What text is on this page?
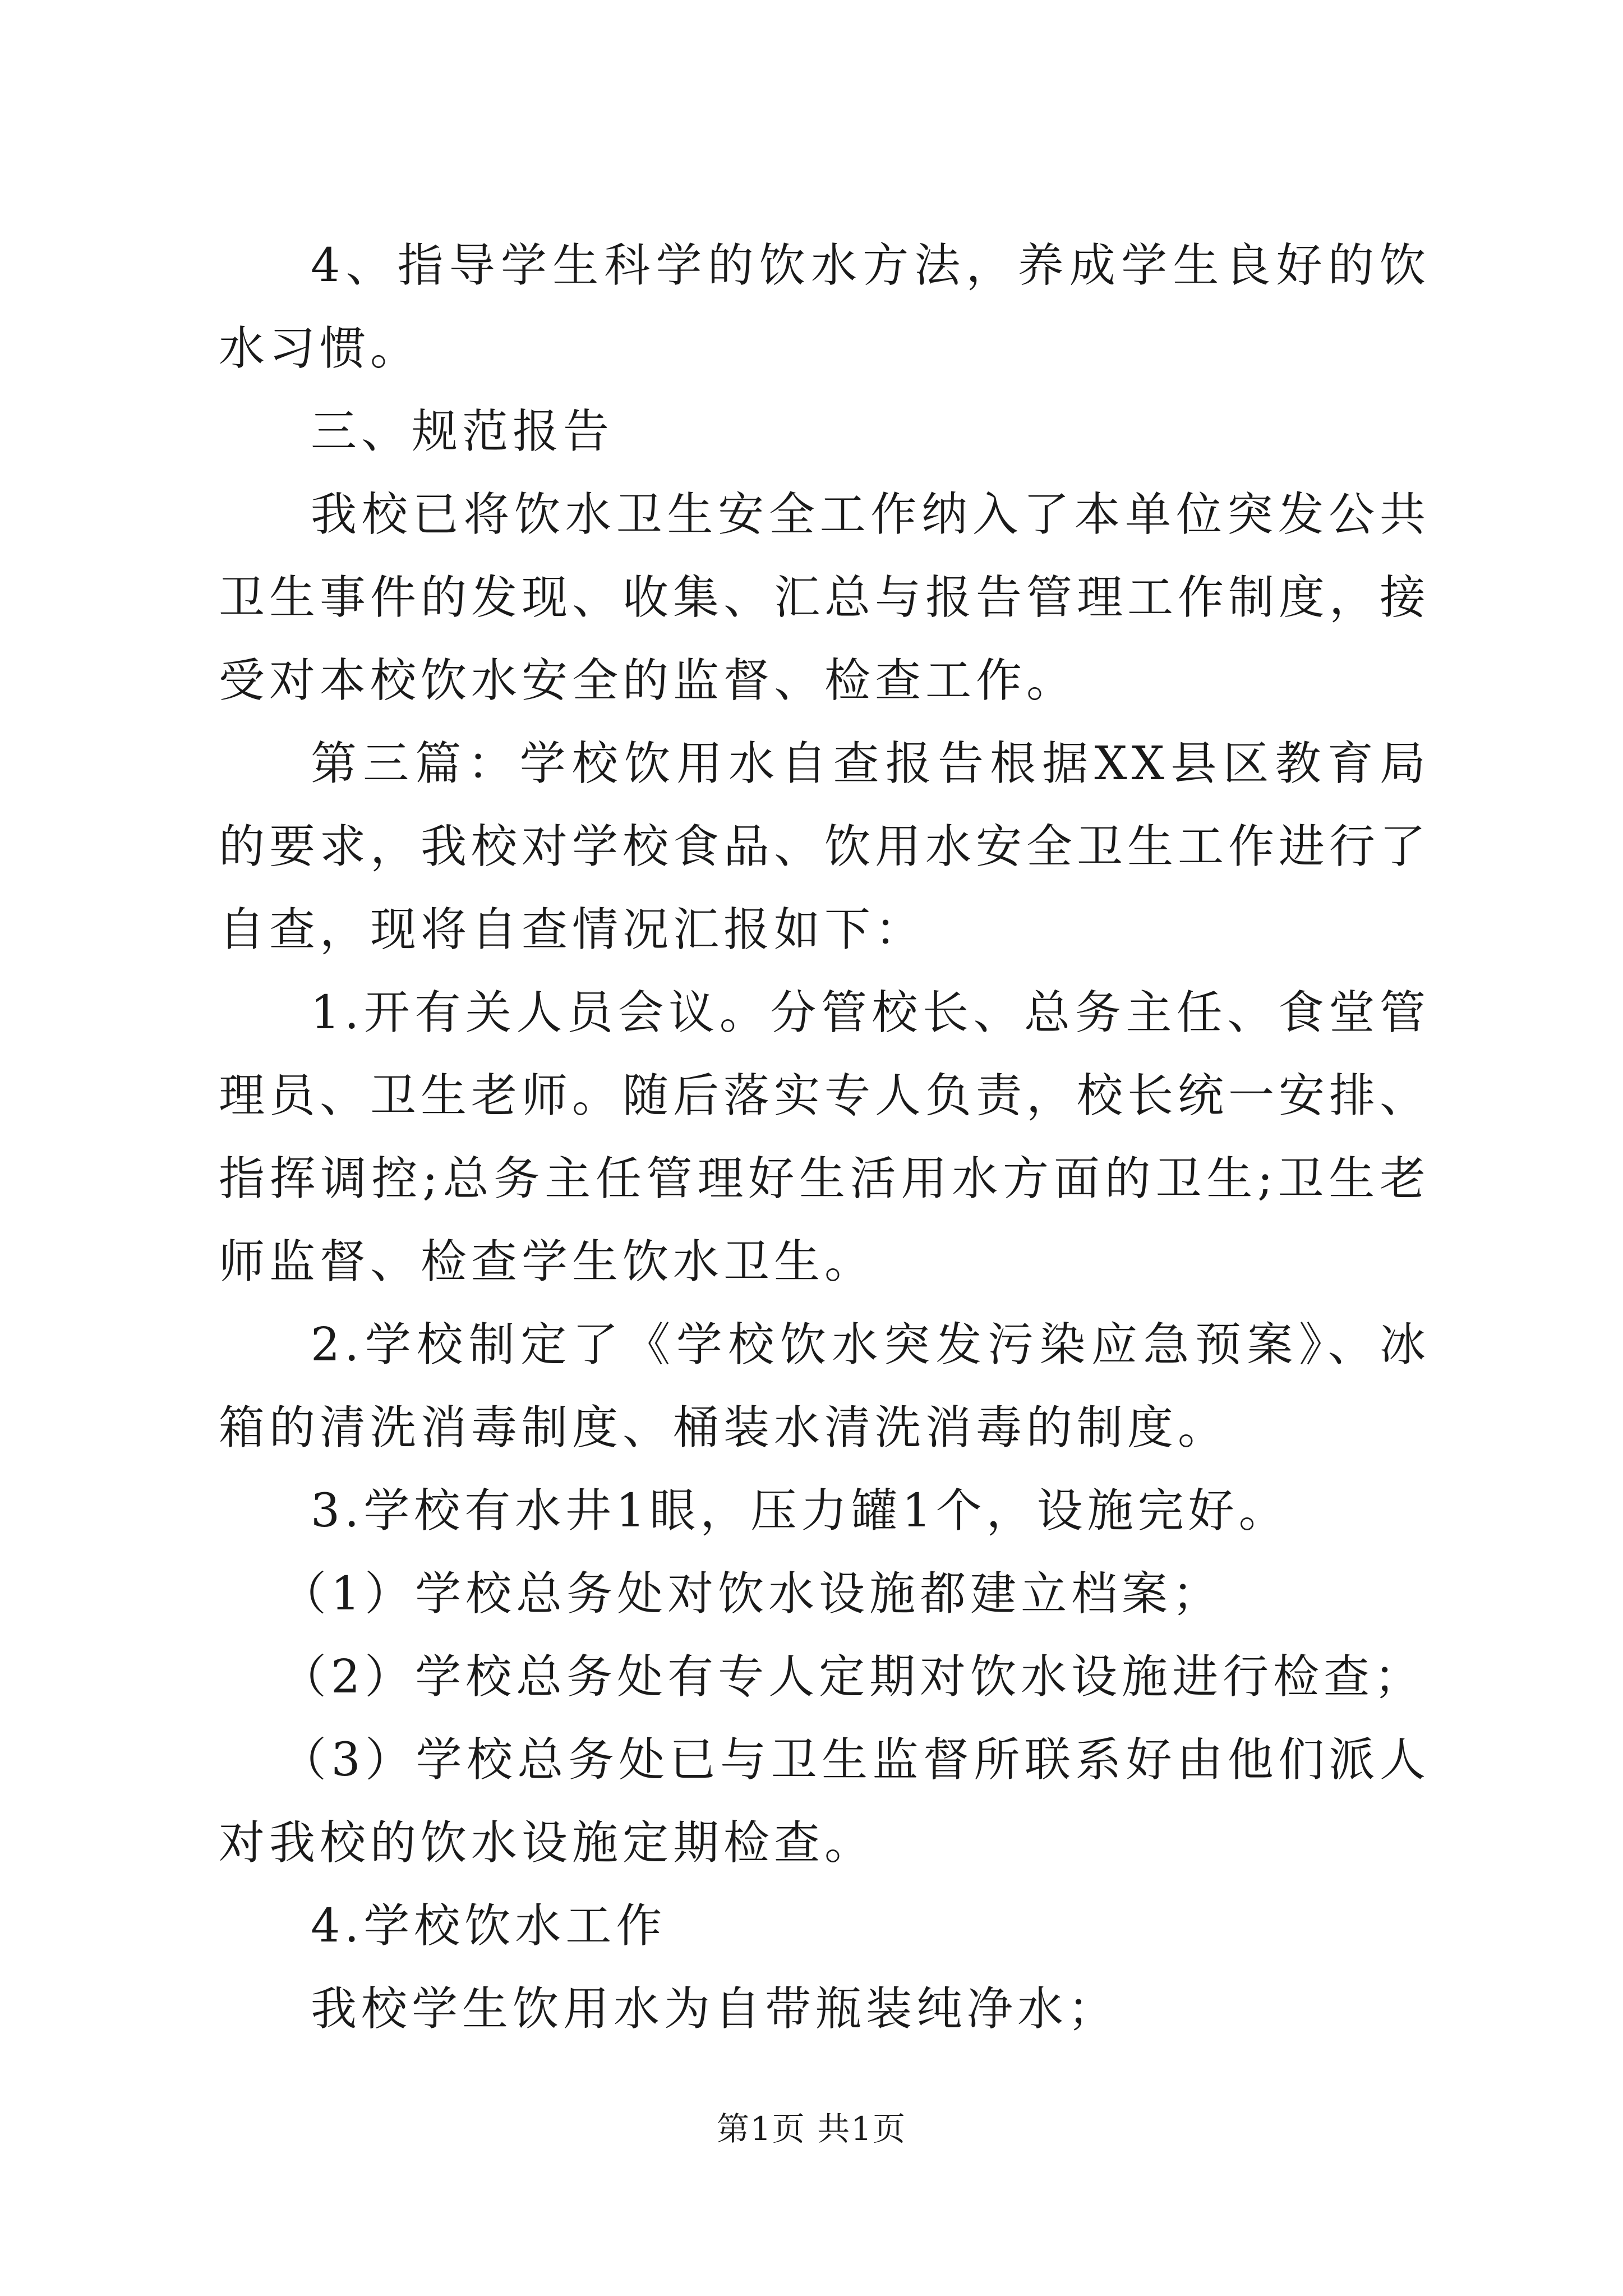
4、指导学生科学的饮水方法，养成学生良好的饮水习惯。

三、规范报告

我校已将饮水卫生安全工作纳入了本单位突发公共卫生事件的发现、收集、汇总与报告管理工作制度，接受对本校饮水安全的监督、检查工作。

第三篇：学校饮用水自查报告根据XX县区教育局的要求，我校对学校食品、饮用水安全卫生工作进行了自查，现将自查情况汇报如下：

1.开有关人员会议。分管校长、总务主任、食堂管理员、卫生老师。随后落实专人负责，校长统一安排、指挥调控;总务主任管理好生活用水方面的卫生;卫生老师监督、检查学生饮水卫生。

2.学校制定了《学校饮水突发污染应急预案》、冰箱的清洗消毒制度、桶装水清洗消毒的制度。

3.学校有水井1眼，压力罐1个，设施完好。

（1）学校总务处对饮水设施都建立档案；

（2）学校总务处有专人定期对饮水设施进行检查；

（3）学校总务处已与卫生监督所联系好由他们派人对我校的饮水设施定期检查。

4.学校饮水工作

我校学生饮用水为自带瓶装纯净水；

第1页 共1页
